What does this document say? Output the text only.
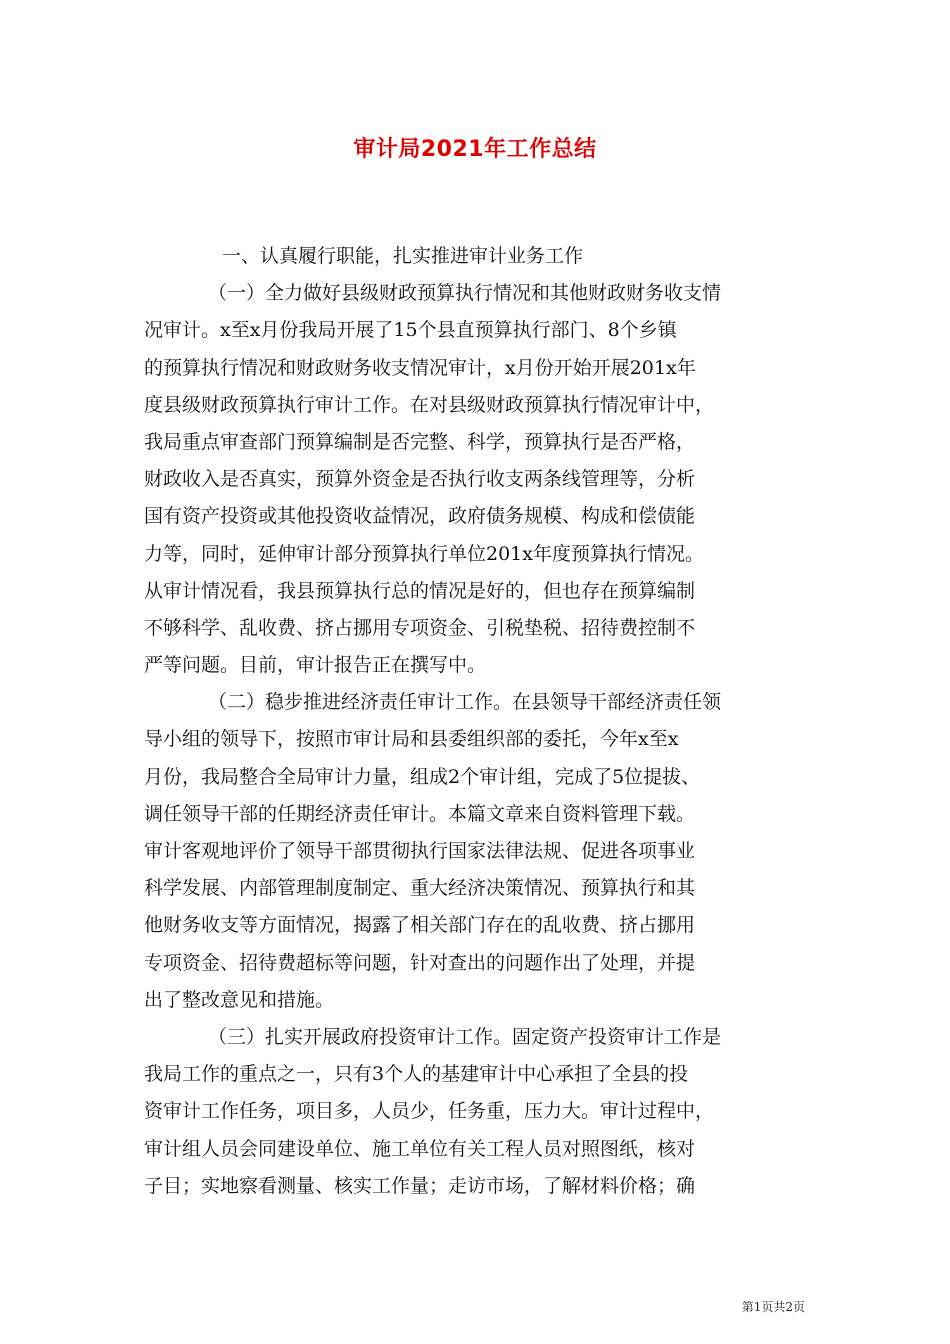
审计局2021年工作总结
一、认真履行职能，扎实推进审计业务工作
（一）全力做好县级财政预算执行情况和其他财政财务收支情
况审计。x至x月份我局开展了15个县直预算执行部门、8个乡镇
的预算执行情况和财政财务收支情况审计，x月份开始开展201x年
度县级财政预算执行审计工作。在对县级财政预算执行情况审计中，
我局重点审查部门预算编制是否完整、科学，预算执行是否严格，
财政收入是否真实，预算外资金是否执行收支两条线管理等，分析
国有资产投资或其他投资收益情况，政府债务规模、构成和偿债能
力等，同时，延伸审计部分预算执行单位201x年度预算执行情况。
从审计情况看，我县预算执行总的情况是好的，但也存在预算编制
不够科学、乱收费、挤占挪用专项资金、引税垫税、招待费控制不
严等问题。目前，审计报告正在撰写中。
（二）稳步推进经济责任审计工作。在县领导干部经济责任领
导小组的领导下，按照市审计局和县委组织部的委托，今年x至x
月份，我局整合全局审计力量，组成2个审计组，完成了5位提拔、
调任领导干部的任期经济责任审计。本篇文章来自资料管理下载。
审计客观地评价了领导干部贯彻执行国家法律法规、促进各项事业
科学发展、内部管理制度制定、重大经济决策情况、预算执行和其
他财务收支等方面情况，揭露了相关部门存在的乱收费、挤占挪用
专项资金、招待费超标等问题，针对查出的问题作出了处理，并提
出了整改意见和措施。
（三）扎实开展政府投资审计工作。固定资产投资审计工作是
我局工作的重点之一，只有3个人的基建审计中心承担了全县的投
资审计工作任务，项目多，人员少，任务重，压力大。审计过程中，
审计组人员会同建设单位、施工单位有关工程人员对照图纸，核对
子目；实地察看测量、核实工作量；走访市场，了解材料价格；确
第1页共2页
